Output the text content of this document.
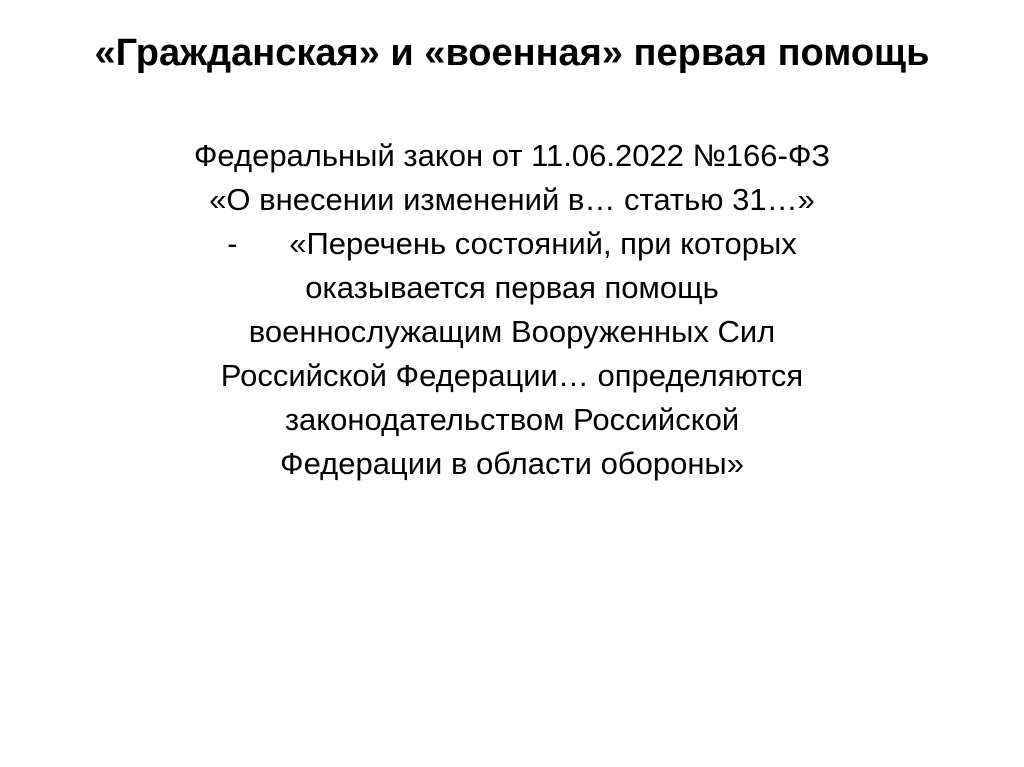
«Гражданская» и «военная» первая помощь

Федеральный закон от 11.06.2022 №166-ФЗ

«О внесении изменений в… статью 31…»

-      «Перечень состояний, при которых

оказывается первая помощь

военнослужащим Вооруженных Сил

Российской Федерации… определяются

законодательством Российской

Федерации в области обороны»
